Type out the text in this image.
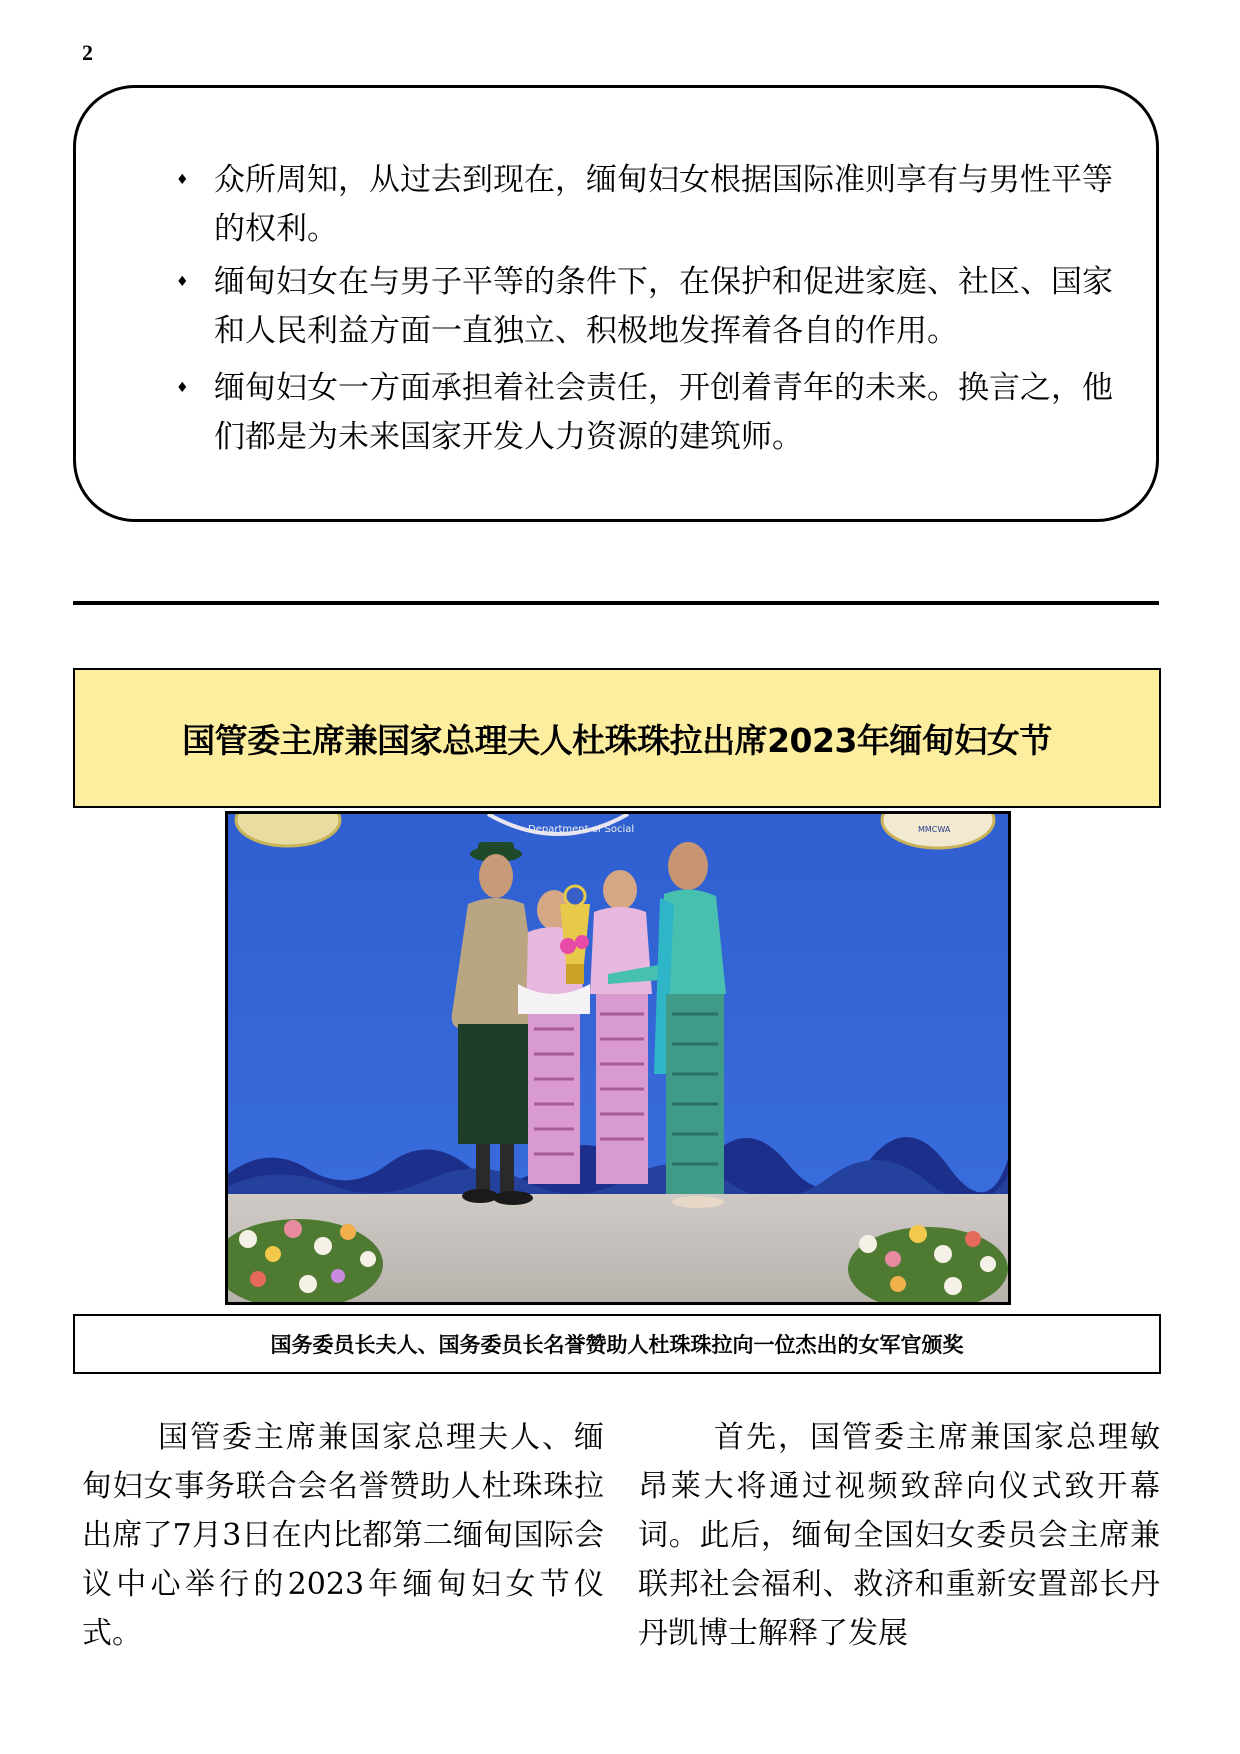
2
♦ 众所周知，从过去到现在，缅甸妇女根据国际准则享有与男性平等的权利。
♦ 缅甸妇女在与男子平等的条件下，在保护和促进家庭、社区、国家和人民利益方面一直独立、积极地发挥着各自的作用。
♦ 缅甸妇女一方面承担着社会责任，开创着青年的未来。换言之，他们都是为未来国家开发人力资源的建筑师。
国管委主席兼国家总理夫人杜珠珠拉出席2023年缅甸妇女节
MMCWA
Department of Social
国务委员长夫人、国务委员长名誉赞助人杜珠珠拉向一位杰出的女军官颁奖

国管委主席兼国家总理夫人、缅甸妇女事务联合会名誉赞助人杜珠珠拉出席了7月3日在内比都第二缅甸国际会议中心举行的2023年缅甸妇女节仪式。

首先，国管委主席兼国家总理敏昂莱大将通过视频致辞向仪式致开幕词。此后，缅甸全国妇女委员会主席兼联邦社会福利、救济和重新安置部长丹丹凯博士解释了发展
